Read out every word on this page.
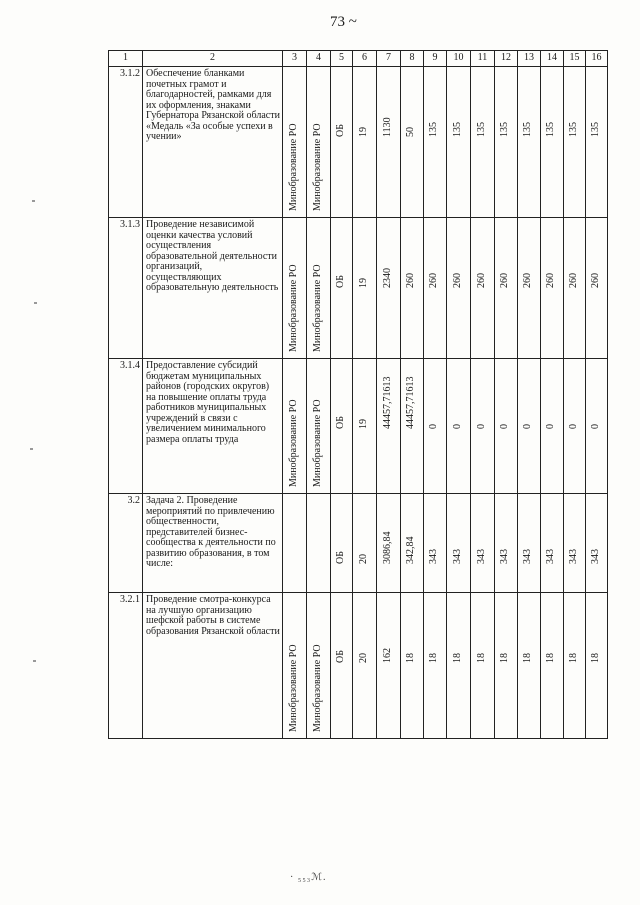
73 ~
1	2	3	4	5	6	7	8	9	10	11	12	13	14	15	16
3.1.2	Обеспечение бланками почетных грамот и благодарностей, рамками для их оформления, знаками Губернатора Рязанской области «Медаль «За особые успехи в учении»	Минобразование РО	Минобразование РО	ОБ	19	1130	50	135	135	135	135	135	135	135	135

3.1.3	Проведение независимой оценки качества условий осуществления образовательной деятельности организаций, осуществляющих образовательную деятельность	Минобразование РО	Минобразование РО	ОБ	19	2340	260	260	260	260	260	260	260	260	260

3.1.4	Предоставление субсидий бюджетам муниципальных районов (городских округов) на повышение оплаты труда работников муниципальных учреждений в связи с увеличением минимального размера оплаты труда	Минобразование РО	Минобразование РО	ОБ	19	44457,71613	44457,71613	0	0	0	0	0	0	0	0

3.2	Задача 2. Проведение мероприятий по привлечению общественности, представителей бизнес-сообщества к деятельности по развитию образования, в том числе:			ОБ	20	3086,84	342,84	343	343	343	343	343	343	343	343

3.2.1	Проведение смотра-конкурса на лучшую организацию шефской работы в системе образования Рязанской области	Минобразование РО	Минобразование РО	ОБ	20	162	18	18	18	18	18	18	18	18	18
· ₅₅₃ℳ.
